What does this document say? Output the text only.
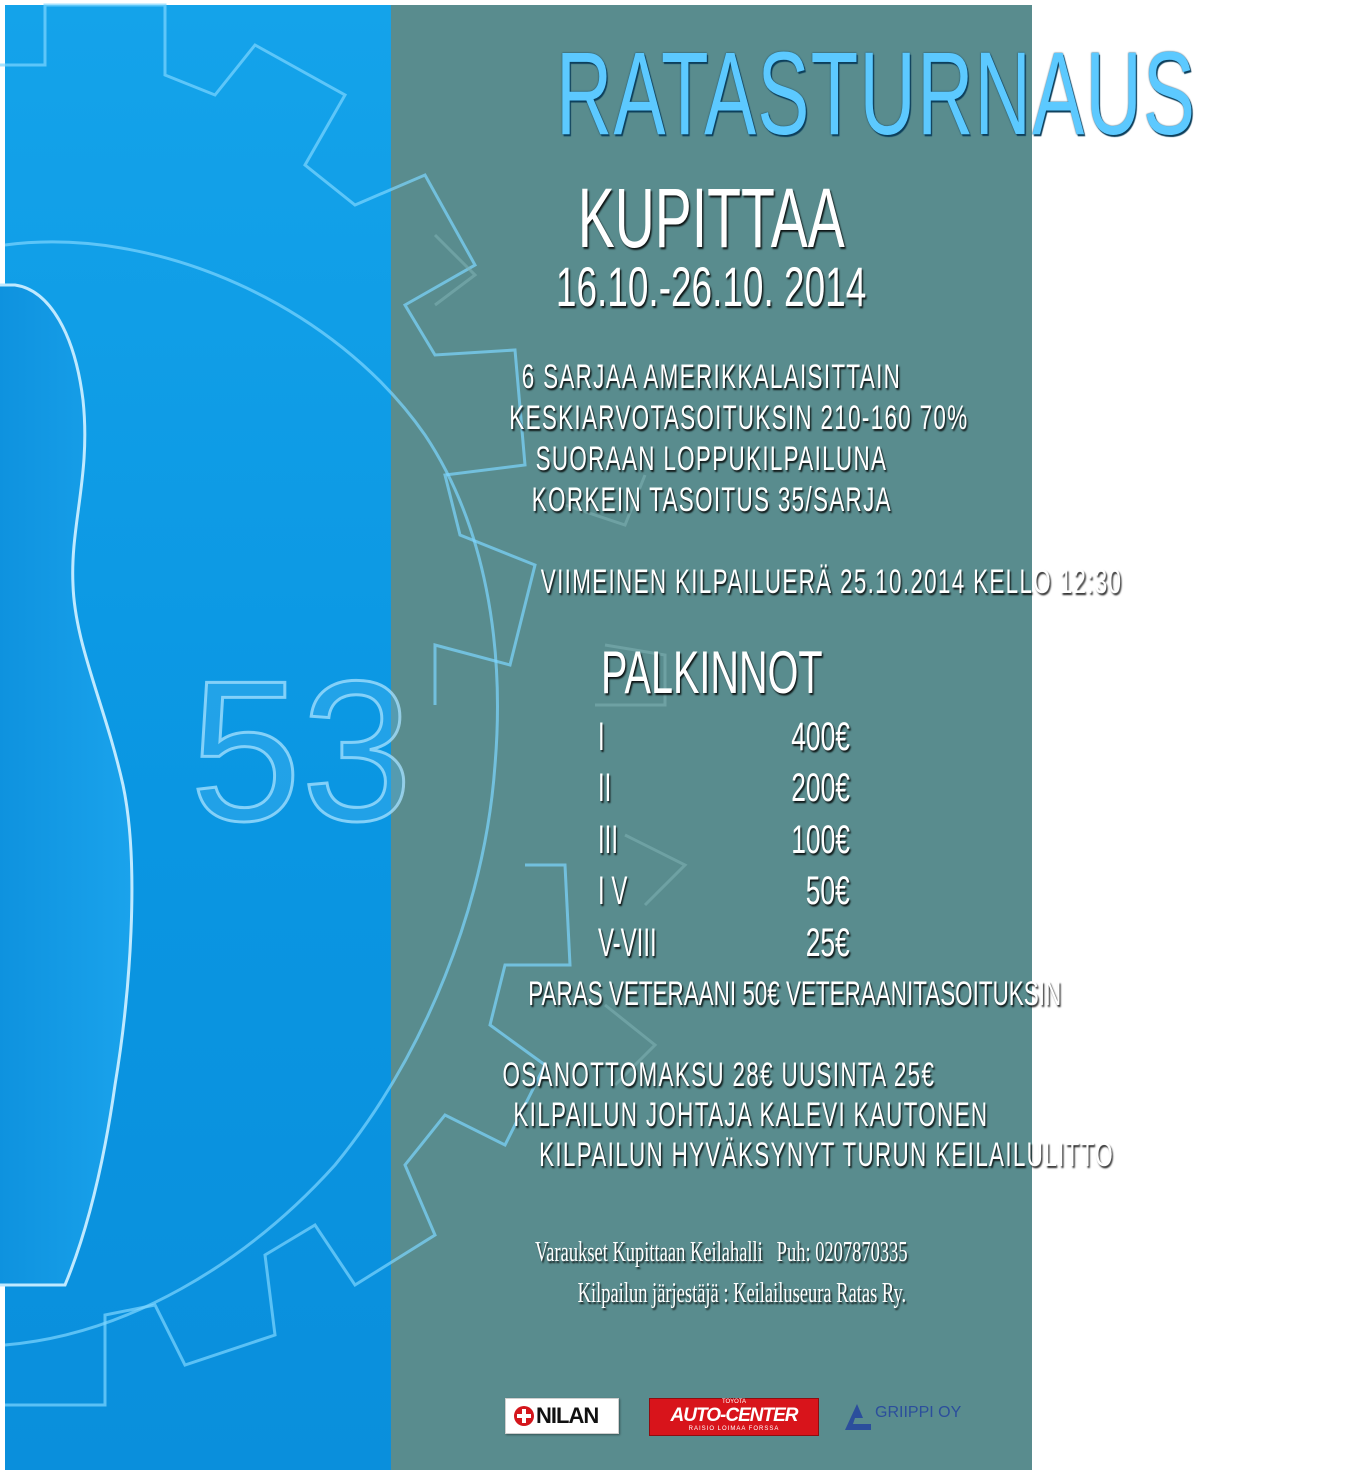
53
RATASTURNAUS
KUPITTAA
16.10.-26.10. 2014
6 SARJAA AMERIKKALAISITTAIN
KESKIARVOTASOITUKSIN 210-160 70%
SUORAAN LOPPUKILPAILUNA
KORKEIN TASOITUS 35/SARJA
VIIMEINEN KILPAILUERÄ 25.10.2014 KELLO 12:30
PALKINNOT
I	400€
II	200€
III	100€
I V	50€
V-VIII	25€
PARAS VETERAANI 50€ VETERAANITASOITUKSIN
OSANOTTOMAKSU 28€ UUSINTA 25€
KILPAILUN JOHTAJA KALEVI KAUTONEN
KILPAILUN HYVÄKSYNYT TURUN KEILAILULITTO
Varaukset Kupittaan Keilahalli   Puh: 0207870335
Kilpailun järjestäjä : Keilailuseura Ratas Ry.
NILAN
TOYOTA
AUTO-CENTER
RAISIO LOIMAA FORSSA
GRIIPPI OY
